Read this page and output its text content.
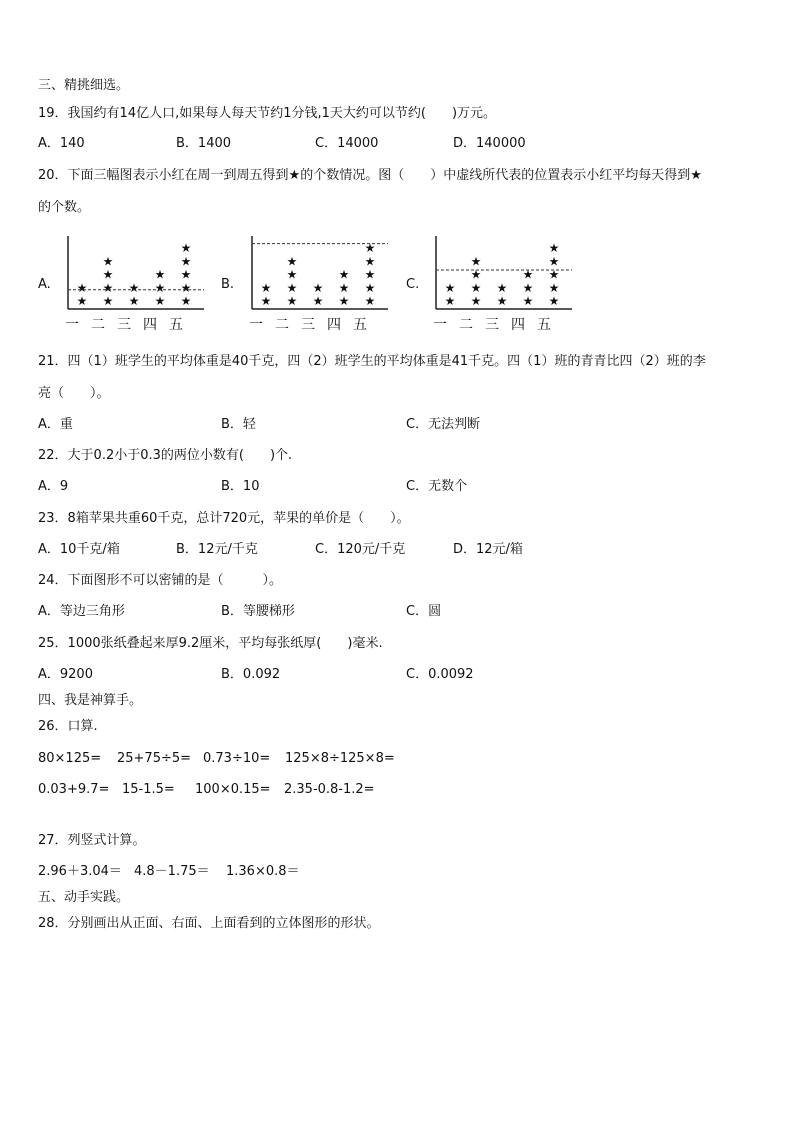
三、精挑细选。
19．我国约有14亿人口,如果每人每天节约1分钱,1天大约可以节约(　　)万元。
A．140	B．1400	C．14000	D．140000
20．下面三幅图表示小红在周一到周五得到★的个数情况。图（　　）中虚线所代表的位置表示小红平均每天得到★
的个数。
A.	B.	C.
★
★
一
★
★
★
★
二
★
★
三
★
★
★
四
★
★
★
★
★
五
★
★
一
★
★
★
★
二
★
★
三
★
★
★
四
★
★
★
★
★
五
★
★
一
★
★
★
★
二
★
★
三
★
★
★
四
★
★
★
★
★
五
21．四（1）班学生的平均体重是40千克，四（2）班学生的平均体重是41千克。四（1）班的青青比四（2）班的李
亮（　　）。
A．重	B．轻	C．无法判断
22．大于0.2小于0.3的两位小数有(　　)个.
A．9	B．10	C．无数个
23．8箱苹果共重60千克，总计720元，苹果的单价是（　　）。
A．10千克/箱	B．12元/千克	C．120元/千克	D．12元/箱
24．下面图形不可以密铺的是（　　　）。
A．等边三角形	B．等腰梯形	C．圆
25．1000张纸叠起来厚9.2厘米，平均每张纸厚(　　)毫米.
A．9200	B．0.092	C．0.0092
四、我是神算手。
26．口算.
80×125= 25+75÷5= 0.73÷10= 125×8÷125×8=
0.03+9.7= 15-1.5= 100×0.15= 2.35-0.8-1.2=
27．列竖式计算。
2.96＋3.04＝ 4.8－1.75＝ 1.36×0.8＝
五、动手实践。
28．分别画出从正面、右面、上面看到的立体图形的形状。
